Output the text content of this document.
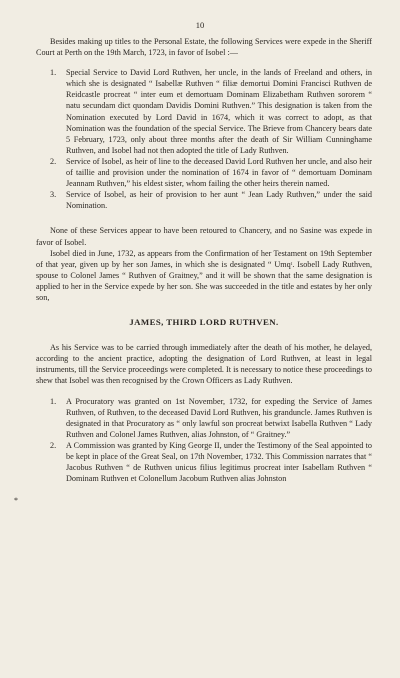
10
*

Besides making up titles to the Personal Estate, the following Services were expede in the Sheriff Court at Perth on the 19th March, 1723, in favor of Isobel :—

1. Special Service to David Lord Ruthven, her uncle, in the lands of Freeland and others, in which she is designated “ Isabellæ Ruthven “ filiæ demortui Domini Francisci Ruthven de Reidcastle procreat “ inter eum et demortuam Dominam Elizabetham Ruthven sororem “ natu secundam dict quondam Davidis Domini Ruthven.” This designation is taken from the Nomination executed by Lord David in 1674, which it was correct to adopt, as that Nomination was the foundation of the special Service. The Brieve from Chancery bears date 5 February, 1723, only about three months after the death of Sir William Cunninghame Ruthven, and Isobel had not then adopted the title of Lady Ruthven.
2. Service of Isobel, as heir of line to the deceased David Lord Ruthven her uncle, and also heir of taillie and provision under the nomination of 1674 in favor of “ demortuam Dominam Jeannam Ruthven,” his eldest sister, whom failing the other heirs therein named.
3. Service of Isobel, as heir of provision to her aunt “ Jean Lady Ruthven,” under the said Nomination.

None of these Services appear to have been retoured to Chancery, and no Sasine was expede in favor of Isobel.

Isobel died in June, 1732, as appears from the Confirmation of her Testament on 19th September of that year, given up by her son James, in which she is designated “ Umqᵗ. Isobell Lady Ruthven, spouse to Colonel James “ Ruthven of Graitney,” and it will be shown that the same designation is applied to her in the Service expede by her son. She was succeeded in the title and estates by her only son,

JAMES, THIRD LORD RUTHVEN.

As his Service was to be carried through immediately after the death of his mother, he delayed, according to the ancient practice, adopting the designation of Lord Ruthven, at least in legal instruments, till the Service proceedings were completed. It is necessary to notice these proceedings to shew that Isobel was then recognised by the Crown Officers as Lady Ruthven.

1. A Procuratory was granted on 1st November, 1732, for expeding the Service of James Ruthven, of Ruthven, to the deceased David Lord Ruthven, his granduncle. James Ruthven is designated in that Procuratory as “ only lawful son procreat betwixt Isabella Ruthven “ Lady Ruthven and Colonel James Ruthven, alias Johnston, of “ Graitney.”
2. A Commission was granted by King George II, under the Testimony of the Seal appointed to be kept in place of the Great Seal, on 17th November, 1732. This Commission narrates that “ Jacobus Ruthven “ de Ruthven unicus filius legitimus procreat inter Isabellam Ruthven “ Dominam Ruthven et Colonellum Jacobum Ruthven alias Johnston
